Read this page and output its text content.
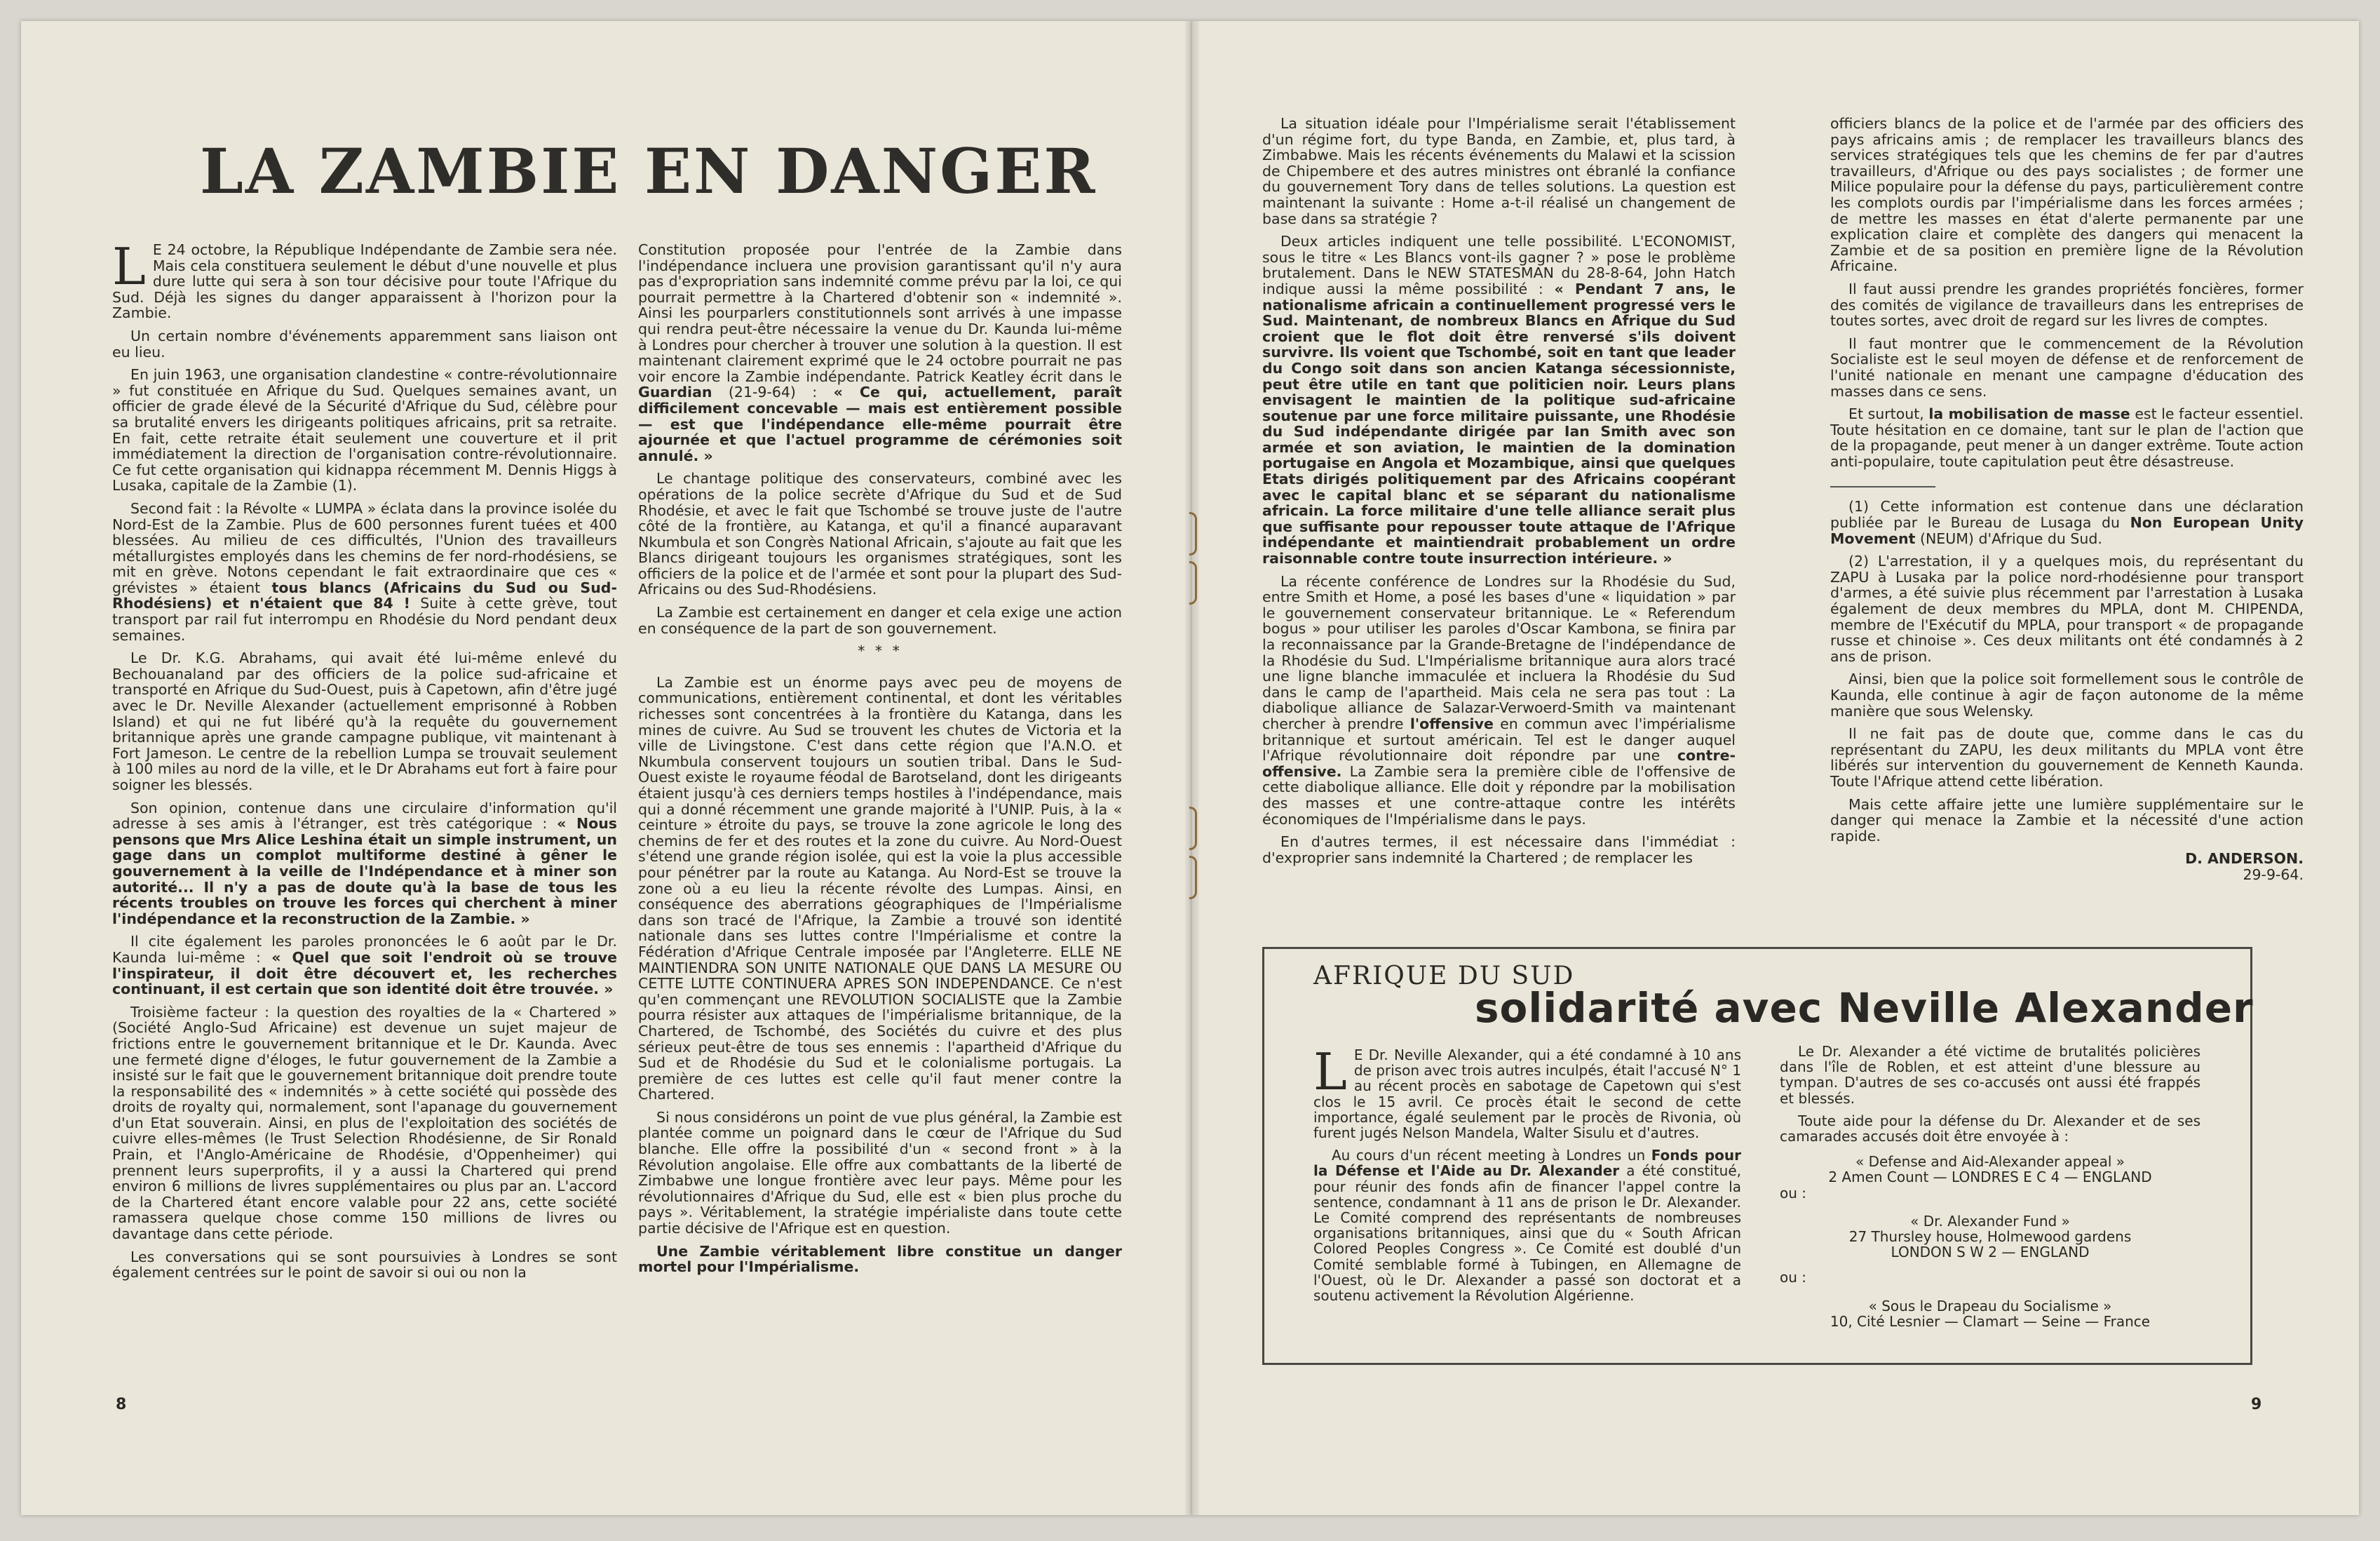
LA ZAMBIE EN DANGER

L E 24 octobre, la République Indépendante de Zambie sera née. Mais cela constituera seulement le début d'une nouvelle et plus dure lutte qui sera à son tour décisive pour toute l'Afrique du Sud. Déjà les signes du danger apparaissent à l'horizon pour la Zambie.

Un certain nombre d'événements apparemment sans liaison ont eu lieu.

En juin 1963, une organisation clandestine « contre-révolutionnaire » fut constituée en Afrique du Sud. Quelques semaines avant, un officier de grade élevé de la Sécurité d'Afrique du Sud, célèbre pour sa brutalité envers les dirigeants politiques africains, prit sa retraite. En fait, cette retraite était seulement une couverture et il prit immédiatement la direction de l'organisation contre-révolutionnaire. Ce fut cette organisation qui kidnappa récemment M. Dennis Higgs à Lusaka, capitale de la Zambie (1).

Second fait : la Révolte « LUMPA » éclata dans la province isolée du Nord-Est de la Zambie. Plus de 600 personnes furent tuées et 400 blessées. Au milieu de ces difficultés, l'Union des travailleurs métallurgistes employés dans les chemins de fer nord-rhodésiens, se mit en grève. Notons cependant le fait extraordinaire que ces « grévistes » étaient tous blancs (Africains du Sud ou Sud-Rhodésiens) et n'étaient que 84 ! Suite à cette grève, tout transport par rail fut interrompu en Rhodésie du Nord pendant deux semaines.

Le Dr. K.G. Abrahams, qui avait été lui-même enlevé du Bechouanaland par des officiers de la police sud-africaine et transporté en Afrique du Sud-Ouest, puis à Capetown, afin d'être jugé avec le Dr. Neville Alexander (actuellement emprisonné à Robben Island) et qui ne fut libéré qu'à la requête du gouvernement britannique après une grande campagne publique, vit maintenant à Fort Jameson. Le centre de la rebellion Lumpa se trouvait seulement à 100 miles au nord de la ville, et le Dr Abrahams eut fort à faire pour soigner les blessés.

Son opinion, contenue dans une circulaire d'information qu'il adresse à ses amis à l'étranger, est très catégorique : « Nous pensons que Mrs Alice Leshina était un simple instrument, un gage dans un complot multiforme destiné à gêner le gouvernement à la veille de l'Indépendance et à miner son autorité... Il n'y a pas de doute qu'à la base de tous les récents troubles on trouve les forces qui cherchent à miner l'indépendance et la reconstruction de la Zambie. »

Il cite également les paroles prononcées le 6 août par le Dr. Kaunda lui-même : « Quel que soit l'endroit où se trouve l'inspirateur, il doit être découvert et, les recherches continuant, il est certain que son identité doit être trouvée. »

Troisième facteur : la question des royalties de la « Chartered » (Société Anglo-Sud Africaine) est devenue un sujet majeur de frictions entre le gouvernement britannique et le Dr. Kaunda. Avec une fermeté digne d'éloges, le futur gouvernement de la Zambie a insisté sur le fait que le gouvernement britannique doit prendre toute la responsabilité des « indemnités » à cette société qui possède des droits de royalty qui, normalement, sont l'apanage du gouvernement d'un Etat souverain. Ainsi, en plus de l'exploitation des sociétés de cuivre elles-mêmes (le Trust Selection Rhodésienne, de Sir Ronald Prain, et l'Anglo-Américaine de Rhodésie, d'Oppenheimer) qui prennent leurs superprofits, il y a aussi la Chartered qui prend environ 6 millions de livres supplémentaires ou plus par an. L'accord de la Chartered étant encore valable pour 22 ans, cette société ramassera quelque chose comme 150 millions de livres ou davantage dans cette période.

Les conversations qui se sont poursuivies à Londres se sont également centrées sur le point de savoir si oui ou non la

Constitution proposée pour l'entrée de la Zambie dans l'indépendance incluera une provision garantissant qu'il n'y aura pas d'expropriation sans indemnité comme prévu par la loi, ce qui pourrait permettre à la Chartered d'obtenir son « indemnité ». Ainsi les pourparlers constitutionnels sont arrivés à une impasse qui rendra peut-être nécessaire la venue du Dr. Kaunda lui-même à Londres pour chercher à trouver une solution à la question. Il est maintenant clairement exprimé que le 24 octobre pourrait ne pas voir encore la Zambie indépendante. Patrick Keatley écrit dans le Guardian (21-9-64) : « Ce qui, actuellement, paraît difficilement concevable — mais est entièrement possible — est que l'indépendance elle-même pourrait être ajournée et que l'actuel programme de cérémonies soit annulé. »

Le chantage politique des conservateurs, combiné avec les opérations de la police secrète d'Afrique du Sud et de Sud Rhodésie, et avec le fait que Tschombé se trouve juste de l'autre côté de la frontière, au Katanga, et qu'il a financé auparavant Nkumbula et son Congrès National Africain, s'ajoute au fait que les Blancs dirigeant toujours les organismes stratégiques, sont les officiers de la police et de l'armée et sont pour la plupart des Sud-Africains ou des Sud-Rhodésiens.

La Zambie est certainement en danger et cela exige une action en conséquence de la part de son gouvernement.

* * *

La Zambie est un énorme pays avec peu de moyens de communications, entièrement continental, et dont les véritables richesses sont concentrées à la frontière du Katanga, dans les mines de cuivre. Au Sud se trouvent les chutes de Victoria et la ville de Livingstone. C'est dans cette région que l'A.N.O. et Nkumbula conservent toujours un soutien tribal. Dans le Sud-Ouest existe le royaume féodal de Barotseland, dont les dirigeants étaient jusqu'à ces derniers temps hostiles à l'indépendance, mais qui a donné récemment une grande majorité à l'UNIP. Puis, à la « ceinture » étroite du pays, se trouve la zone agricole le long des chemins de fer et des routes et la zone du cuivre. Au Nord-Ouest s'étend une grande région isolée, qui est la voie la plus accessible pour pénétrer par la route au Katanga. Au Nord-Est se trouve la zone où a eu lieu la récente révolte des Lumpas. Ainsi, en conséquence des aberrations géographiques de l'Impérialisme dans son tracé de l'Afrique, la Zambie a trouvé son identité nationale dans ses luttes contre l'Impérialisme et contre la Fédération d'Afrique Centrale imposée par l'Angleterre. ELLE NE MAINTIENDRA SON UNITE NATIONALE QUE DANS LA MESURE OU CETTE LUTTE CONTINUERA APRES SON INDEPENDANCE. Ce n'est qu'en commençant une REVOLUTION SOCIALISTE que la Zambie pourra résister aux attaques de l'impérialisme britannique, de la Chartered, de Tschombé, des Sociétés du cuivre et des plus sérieux peut-être de tous ses ennemis : l'apartheid d'Afrique du Sud et de Rhodésie du Sud et le colonialisme portugais. La première de ces luttes est celle qu'il faut mener contre la Chartered.

Si nous considérons un point de vue plus général, la Zambie est plantée comme un poignard dans le cœur de l'Afrique du Sud blanche. Elle offre la possibilité d'un « second front » à la Révolution angolaise. Elle offre aux combattants de la liberté de Zimbabwe une longue frontière avec leur pays. Même pour les révolutionnaires d'Afrique du Sud, elle est « bien plus proche du pays ». Véritablement, la stratégie impérialiste dans toute cette partie décisive de l'Afrique est en question.

Une Zambie véritablement libre constitue un danger mortel pour l'Impérialisme.

8

La situation idéale pour l'Impérialisme serait l'établissement d'un régime fort, du type Banda, en Zambie, et, plus tard, à Zimbabwe. Mais les récents événements du Malawi et la scission de Chipembere et des autres ministres ont ébranlé la confiance du gouvernement Tory dans de telles solutions. La question est maintenant la suivante : Home a-t-il réalisé un changement de base dans sa stratégie ?

Deux articles indiquent une telle possibilité. L'ECONOMIST, sous le titre « Les Blancs vont-ils gagner ? » pose le problème brutalement. Dans le NEW STATESMAN du 28-8-64, John Hatch indique aussi la même possibilité : « Pendant 7 ans, le nationalisme africain a continuellement progressé vers le Sud. Maintenant, de nombreux Blancs en Afrique du Sud croient que le flot doit être renversé s'ils doivent survivre. Ils voient que Tschombé, soit en tant que leader du Congo soit dans son ancien Katanga sécessionniste, peut être utile en tant que politicien noir. Leurs plans envisagent le maintien de la politique sud-africaine soutenue par une force militaire puissante, une Rhodésie du Sud indépendante dirigée par Ian Smith avec son armée et son aviation, le maintien de la domination portugaise en Angola et Mozambique, ainsi que quelques Etats dirigés politiquement par des Africains coopérant avec le capital blanc et se séparant du nationalisme africain. La force militaire d'une telle alliance serait plus que suffisante pour repousser toute attaque de l'Afrique indépendante et maintiendrait probablement un ordre raisonnable contre toute insurrection intérieure. »

La récente conférence de Londres sur la Rhodésie du Sud, entre Smith et Home, a posé les bases d'une « liquidation » par le gouvernement conservateur britannique. Le « Referendum bogus » pour utiliser les paroles d'Oscar Kambona, se finira par la reconnaissance par la Grande-Bretagne de l'indépendance de la Rhodésie du Sud. L'Impérialisme britannique aura alors tracé une ligne blanche immaculée et incluera la Rhodésie du Sud dans le camp de l'apartheid. Mais cela ne sera pas tout : La diabolique alliance de Salazar-Verwoerd-Smith va maintenant chercher à prendre l'offensive en commun avec l'impérialisme britannique et surtout américain. Tel est le danger auquel l'Afrique révolutionnaire doit répondre par une contre-offensive. La Zambie sera la première cible de l'offensive de cette diabolique alliance. Elle doit y répondre par la mobilisation des masses et une contre-attaque contre les intérêts économiques de l'Impérialisme dans le pays.

En d'autres termes, il est nécessaire dans l'immédiat : d'exproprier sans indemnité la Chartered ; de remplacer les

officiers blancs de la police et de l'armée par des officiers des pays africains amis ; de remplacer les travailleurs blancs des services stratégiques tels que les chemins de fer par d'autres travailleurs, d'Afrique ou des pays socialistes ; de former une Milice populaire pour la défense du pays, particulièrement contre les complots ourdis par l'impérialisme dans les forces armées ; de mettre les masses en état d'alerte permanente par une explication claire et complète des dangers qui menacent la Zambie et de sa position en première ligne de la Révolution Africaine.

Il faut aussi prendre les grandes propriétés foncières, former des comités de vigilance de travailleurs dans les entreprises de toutes sortes, avec droit de regard sur les livres de comptes.

Il faut montrer que le commencement de la Révolution Socialiste est le seul moyen de défense et de renforcement de l'unité nationale en menant une campagne d'éducation des masses dans ce sens.

Et surtout, la mobilisation de masse est le facteur essentiel. Toute hésitation en ce domaine, tant sur le plan de l'action que de la propagande, peut mener à un danger extrême. Toute action anti-populaire, toute capitulation peut être désastreuse.

(1) Cette information est contenue dans une déclaration publiée par le Bureau de Lusaga du Non European Unity Movement (NEUM) d'Afrique du Sud.

(2) L'arrestation, il y a quelques mois, du représentant du ZAPU à Lusaka par la police nord-rhodésienne pour transport d'armes, a été suivie plus récemment par l'arrestation à Lusaka également de deux membres du MPLA, dont M. CHIPENDA, membre de l'Exécutif du MPLA, pour transport « de propagande russe et chinoise ». Ces deux militants ont été condamnés à 2 ans de prison.

Ainsi, bien que la police soit formellement sous le contrôle de Kaunda, elle continue à agir de façon autonome de la même manière que sous Welensky.

Il ne fait pas de doute que, comme dans le cas du représentant du ZAPU, les deux militants du MPLA vont être libérés sur intervention du gouvernement de Kenneth Kaunda. Toute l'Afrique attend cette libération.

Mais cette affaire jette une lumière supplémentaire sur le danger qui menace la Zambie et la nécessité d'une action rapide.

D. ANDERSON.

29-9-64.

9
AFRIQUE DU SUD
solidarité avec Neville Alexander

L E Dr. Neville Alexander, qui a été condamné à 10 ans de prison avec trois autres inculpés, était l'accusé N° 1 au récent procès en sabotage de Capetown qui s'est clos le 15 avril. Ce procès était le second de cette importance, égalé seulement par le procès de Rivonia, où furent jugés Nelson Mandela, Walter Sisulu et d'autres.

Au cours d'un récent meeting à Londres un Fonds pour la Défense et l'Aide au Dr. Alexander a été constitué, pour réunir des fonds afin de financer l'appel contre la sentence, condamnant à 11 ans de prison le Dr. Alexander. Le Comité comprend des représentants de nombreuses organisations britanniques, ainsi que du « South African Colored Peoples Congress ». Ce Comité est doublé d'un Comité semblable formé à Tubingen, en Allemagne de l'Ouest, où le Dr. Alexander a passé son doctorat et a soutenu activement la Révolution Algérienne.

Le Dr. Alexander a été victime de brutalités policières dans l'île de Roblen, et est atteint d'une blessure au tympan. D'autres de ses co-accusés ont aussi été frappés et blessés.

Toute aide pour la défense du Dr. Alexander et de ses camarades accusés doit être envoyée à :

« Defense and Aid-Alexander appeal »

2 Amen Count — LONDRES E C 4 — ENGLAND

ou :

« Dr. Alexander Fund »

27 Thursley house, Holmewood gardens

LONDON S W 2 — ENGLAND

ou :

« Sous le Drapeau du Socialisme »

10, Cité Lesnier — Clamart — Seine — France
